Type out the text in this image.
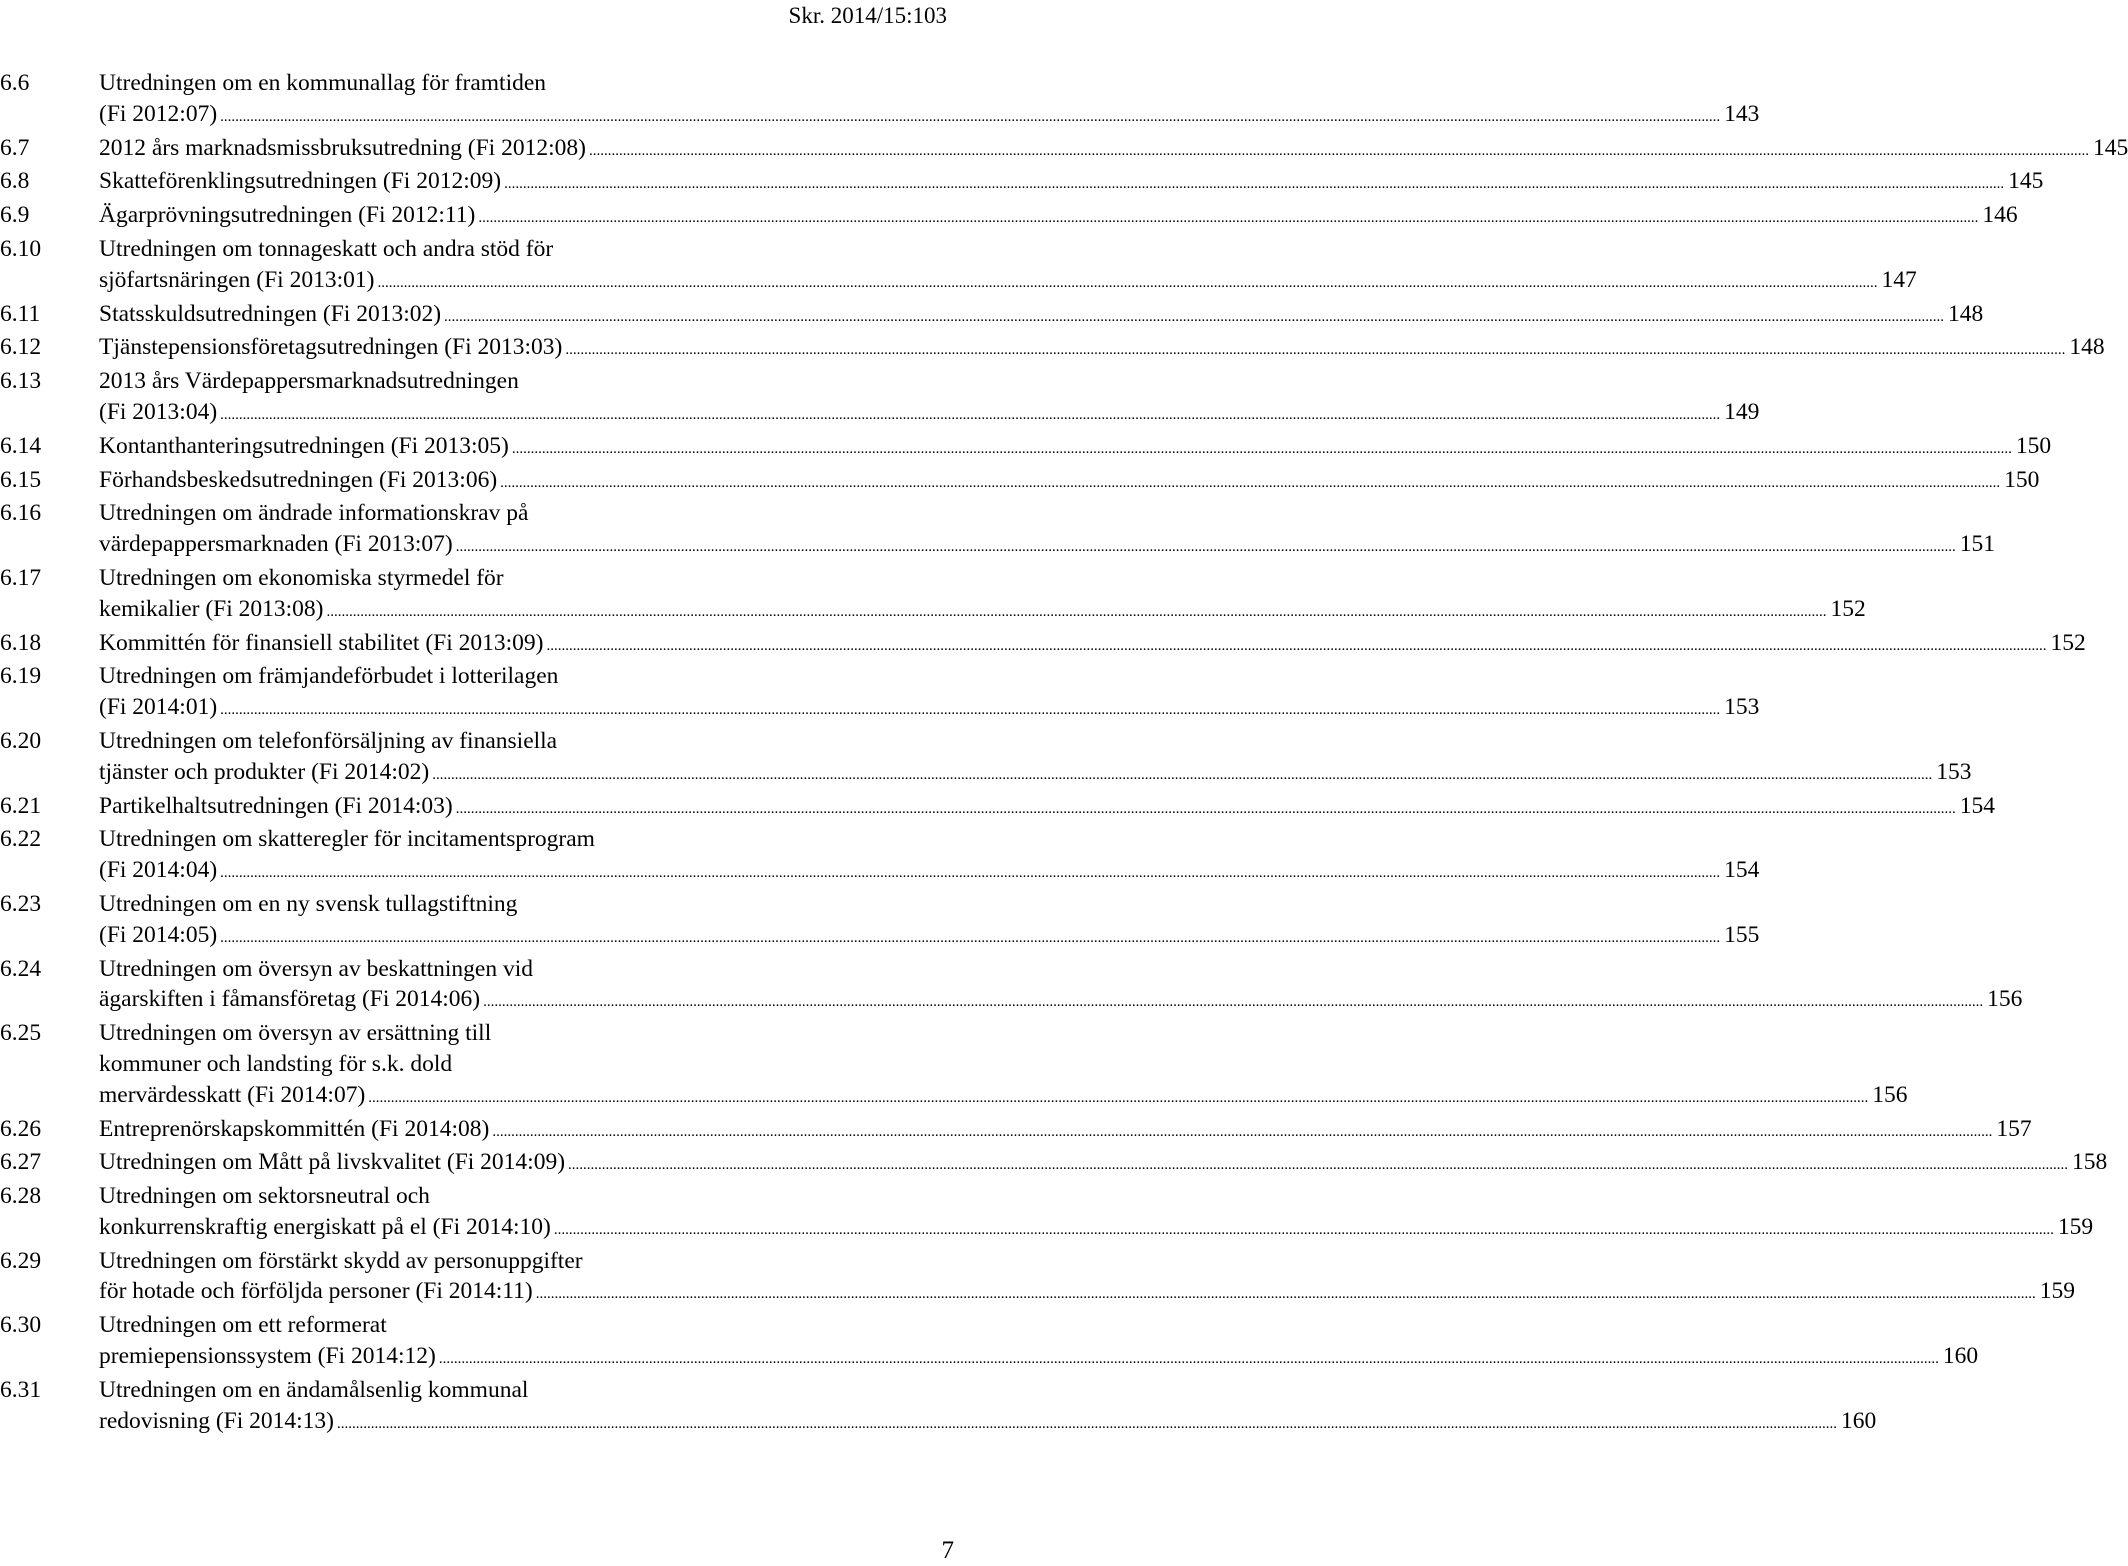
Skr. 2014/15:103
6.6	Utredningen om en kommunallag för framtiden
(Fi 2012:07) ................................................................................................................................................................................................................................................................................................................................................................................................................ 143
6.7	2012 års marknadsmissbruksutredning (Fi 2012:08) ................................................................................................................................................................................................................................................................................................................................................................................................................ 145
6.8	Skatteförenklingsutredningen (Fi 2012:09) ................................................................................................................................................................................................................................................................................................................................................................................................................ 145
6.9	Ägarprövningsutredningen (Fi 2012:11) ................................................................................................................................................................................................................................................................................................................................................................................................................ 146
6.10 Utredningen om tonnageskatt och andra stöd för
sjöfartsnäringen (Fi 2013:01) ................................................................................................................................................................................................................................................................................................................................................................................................................ 147
6.11 Statsskuldsutredningen (Fi 2013:02) ................................................................................................................................................................................................................................................................................................................................................................................................................ 148
6.12 Tjänstepensionsföretagsutredningen (Fi 2013:03) ................................................................................................................................................................................................................................................................................................................................................................................................................ 148
6.13 2013 års Värdepappersmarknadsutredningen
(Fi 2013:04) ................................................................................................................................................................................................................................................................................................................................................................................................................ 149
6.14 Kontanthanteringsutredningen (Fi 2013:05) ................................................................................................................................................................................................................................................................................................................................................................................................................ 150
6.15 Förhandsbeskedsutredningen (Fi 2013:06) ................................................................................................................................................................................................................................................................................................................................................................................................................ 150
6.16 Utredningen om ändrade informationskrav på
värdepappersmarknaden (Fi 2013:07) ................................................................................................................................................................................................................................................................................................................................................................................................................ 151
6.17 Utredningen om ekonomiska styrmedel för
kemikalier (Fi 2013:08) ................................................................................................................................................................................................................................................................................................................................................................................................................ 152
6.18 Kommittén för finansiell stabilitet (Fi 2013:09) ................................................................................................................................................................................................................................................................................................................................................................................................................ 152
6.19 Utredningen om främjandeförbudet i lotterilagen
(Fi 2014:01) ................................................................................................................................................................................................................................................................................................................................................................................................................ 153
6.20 Utredningen om telefonförsäljning av finansiella
tjänster och produkter (Fi 2014:02) ................................................................................................................................................................................................................................................................................................................................................................................................................ 153
6.21 Partikelhaltsutredningen (Fi 2014:03) ................................................................................................................................................................................................................................................................................................................................................................................................................ 154
6.22 Utredningen om skatteregler för incitamentsprogram
(Fi 2014:04) ................................................................................................................................................................................................................................................................................................................................................................................................................ 154
6.23 Utredningen om en ny svensk tullagstiftning
(Fi 2014:05) ................................................................................................................................................................................................................................................................................................................................................................................................................ 155
6.24 Utredningen om översyn av beskattningen vid
ägarskiften i fåmansföretag (Fi 2014:06) ................................................................................................................................................................................................................................................................................................................................................................................................................ 156
6.25 Utredningen om översyn av ersättning till
kommuner och landsting för s.k. dold
mervärdesskatt (Fi 2014:07) ................................................................................................................................................................................................................................................................................................................................................................................................................ 156
6.26 Entreprenörskapskommittén (Fi 2014:08) ................................................................................................................................................................................................................................................................................................................................................................................................................ 157
6.27 Utredningen om Mått på livskvalitet (Fi 2014:09) ................................................................................................................................................................................................................................................................................................................................................................................................................ 158
6.28 Utredningen om sektorsneutral och
konkurrenskraftig energiskatt på el (Fi 2014:10) ................................................................................................................................................................................................................................................................................................................................................................................................................ 159
6.29 Utredningen om förstärkt skydd av personuppgifter
för hotade och förföljda personer (Fi 2014:11) ................................................................................................................................................................................................................................................................................................................................................................................................................ 159
6.30 Utredningen om ett reformerat
premiepensionssystem (Fi 2014:12) ................................................................................................................................................................................................................................................................................................................................................................................................................ 160
6.31 Utredningen om en ändamålsenlig kommunal
redovisning (Fi 2014:13) ................................................................................................................................................................................................................................................................................................................................................................................................................ 160
7
